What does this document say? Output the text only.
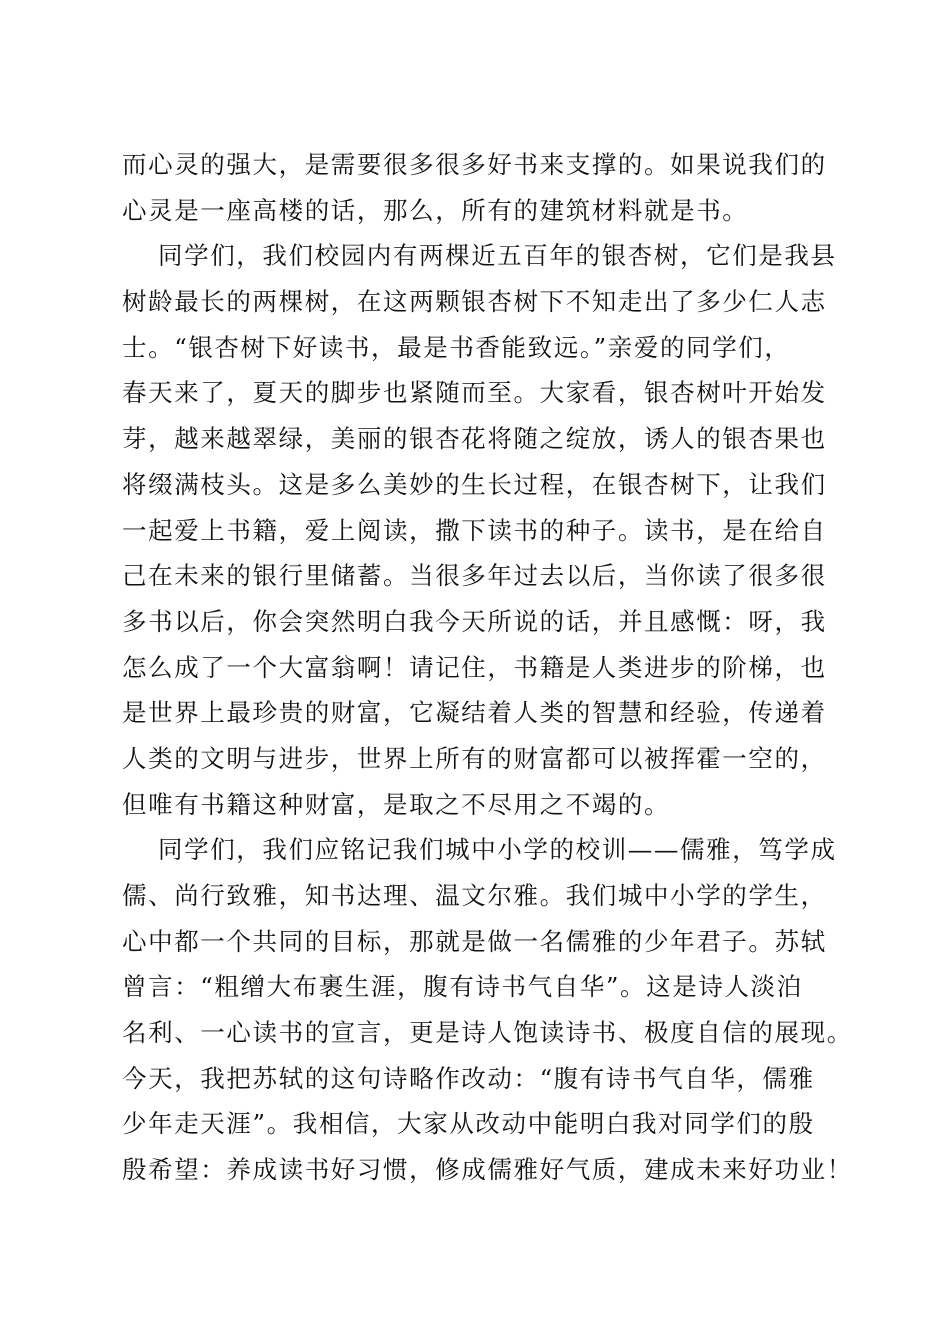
而心灵的强大，是需要很多很多好书来支撑的。如果说我们的
心灵是一座高楼的话，那么，所有的建筑材料就是书。

同学们，我们校园内有两棵近五百年的银杏树，它们是我县
树龄最长的两棵树，在这两颗银杏树下不知走出了多少仁人志
士。“银杏树下好读书，最是书香能致远。”亲爱的同学们，
春天来了，夏天的脚步也紧随而至。大家看，银杏树叶开始发
芽，越来越翠绿，美丽的银杏花将随之绽放，诱人的银杏果也
将缀满枝头。这是多么美妙的生长过程，在银杏树下，让我们
一起爱上书籍，爱上阅读，撒下读书的种子。读书，是在给自
己在未来的银行里储蓄。当很多年过去以后，当你读了很多很
多书以后，你会突然明白我今天所说的话，并且感慨：呀，我
怎么成了一个大富翁啊！请记住，书籍是人类进步的阶梯，也
是世界上最珍贵的财富，它凝结着人类的智慧和经验，传递着
人类的文明与进步，世界上所有的财富都可以被挥霍一空的，
但唯有书籍这种财富，是取之不尽用之不竭的。

同学们，我们应铭记我们城中小学的校训——儒雅，笃学成
儒、尚行致雅，知书达理、温文尔雅。我们城中小学的学生，
心中都一个共同的目标，那就是做一名儒雅的少年君子。苏轼
曾言：“粗缯大布裹生涯，腹有诗书气自华”。这是诗人淡泊
名利、一心读书的宣言，更是诗人饱读诗书、极度自信的展现。
今天，我把苏轼的这句诗略作改动：“腹有诗书气自华，儒雅
少年走天涯”。我相信，大家从改动中能明白我对同学们的殷
殷希望：养成读书好习惯，修成儒雅好气质，建成未来好功业！
